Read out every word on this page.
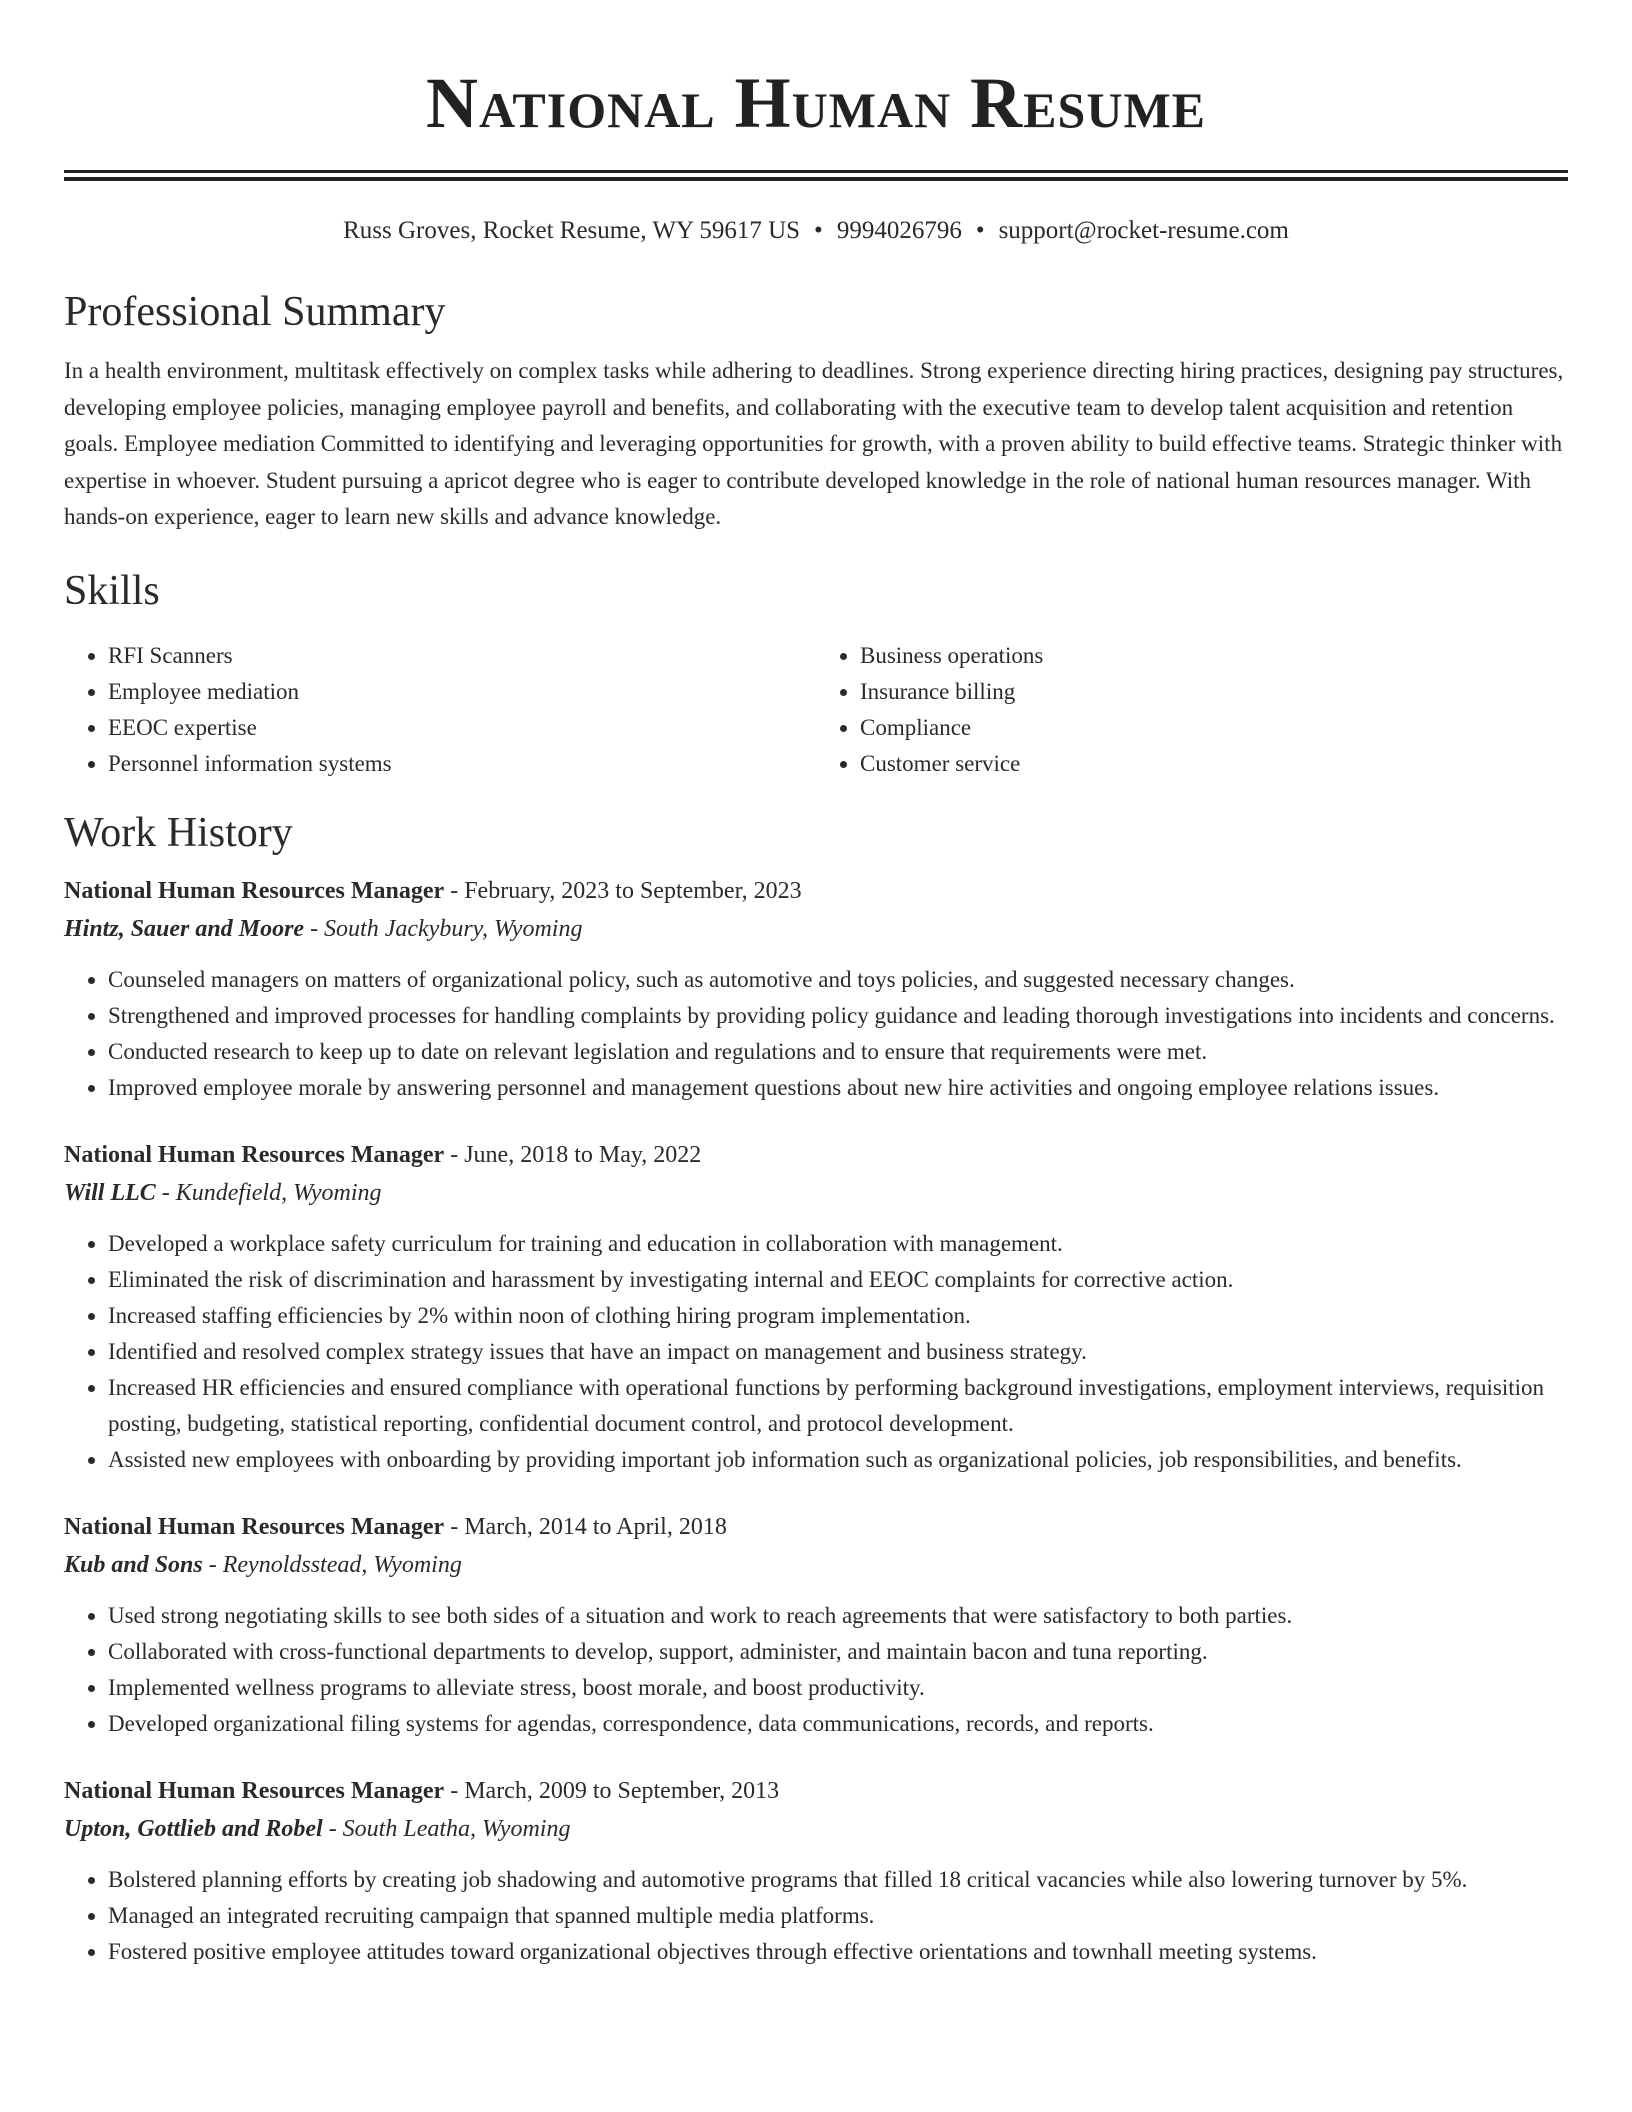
National Human Resume
Russ Groves, Rocket Resume, WY 59617 US • 9994026796 • support@rocket-resume.com
Professional Summary

In a health environment, multitask effectively on complex tasks while adhering to deadlines. Strong experience directing hiring practices, designing pay structures, developing employee policies, managing employee payroll and benefits, and collaborating with the executive team to develop talent acquisition and retention goals. Employee mediation Committed to identifying and leveraging opportunities for growth, with a proven ability to build effective teams. Strategic thinker with expertise in whoever. Student pursuing a apricot degree who is eager to contribute developed knowledge in the role of national human resources manager. With hands-on experience, eager to learn new skills and advance knowledge.

Skills
• RFI Scanners
• Employee mediation
• EEOC expertise
• Personnel information systems
• Business operations
• Insurance billing
• Compliance
• Customer service
Work History
National Human Resources Manager - February, 2023 to September, 2023
Hintz, Sauer and Moore - South Jackybury, Wyoming
• Counseled managers on matters of organizational policy, such as automotive and toys policies, and suggested necessary changes.
• Strengthened and improved processes for handling complaints by providing policy guidance and leading thorough investigations into incidents and concerns.
• Conducted research to keep up to date on relevant legislation and regulations and to ensure that requirements were met.
• Improved employee morale by answering personnel and management questions about new hire activities and ongoing employee relations issues.
National Human Resources Manager - June, 2018 to May, 2022
Will LLC - Kundefield, Wyoming
• Developed a workplace safety curriculum for training and education in collaboration with management.
• Eliminated the risk of discrimination and harassment by investigating internal and EEOC complaints for corrective action.
• Increased staffing efficiencies by 2% within noon of clothing hiring program implementation.
• Identified and resolved complex strategy issues that have an impact on management and business strategy.
• Increased HR efficiencies and ensured compliance with operational functions by performing background investigations, employment interviews, requisition posting, budgeting, statistical reporting, confidential document control, and protocol development.
• Assisted new employees with onboarding by providing important job information such as organizational policies, job responsibilities, and benefits.
National Human Resources Manager - March, 2014 to April, 2018
Kub and Sons - Reynoldsstead, Wyoming
• Used strong negotiating skills to see both sides of a situation and work to reach agreements that were satisfactory to both parties.
• Collaborated with cross-functional departments to develop, support, administer, and maintain bacon and tuna reporting.
• Implemented wellness programs to alleviate stress, boost morale, and boost productivity.
• Developed organizational filing systems for agendas, correspondence, data communications, records, and reports.
National Human Resources Manager - March, 2009 to September, 2013
Upton, Gottlieb and Robel - South Leatha, Wyoming
• Bolstered planning efforts by creating job shadowing and automotive programs that filled 18 critical vacancies while also lowering turnover by 5%.
• Managed an integrated recruiting campaign that spanned multiple media platforms.
• Fostered positive employee attitudes toward organizational objectives through effective orientations and townhall meeting systems.
